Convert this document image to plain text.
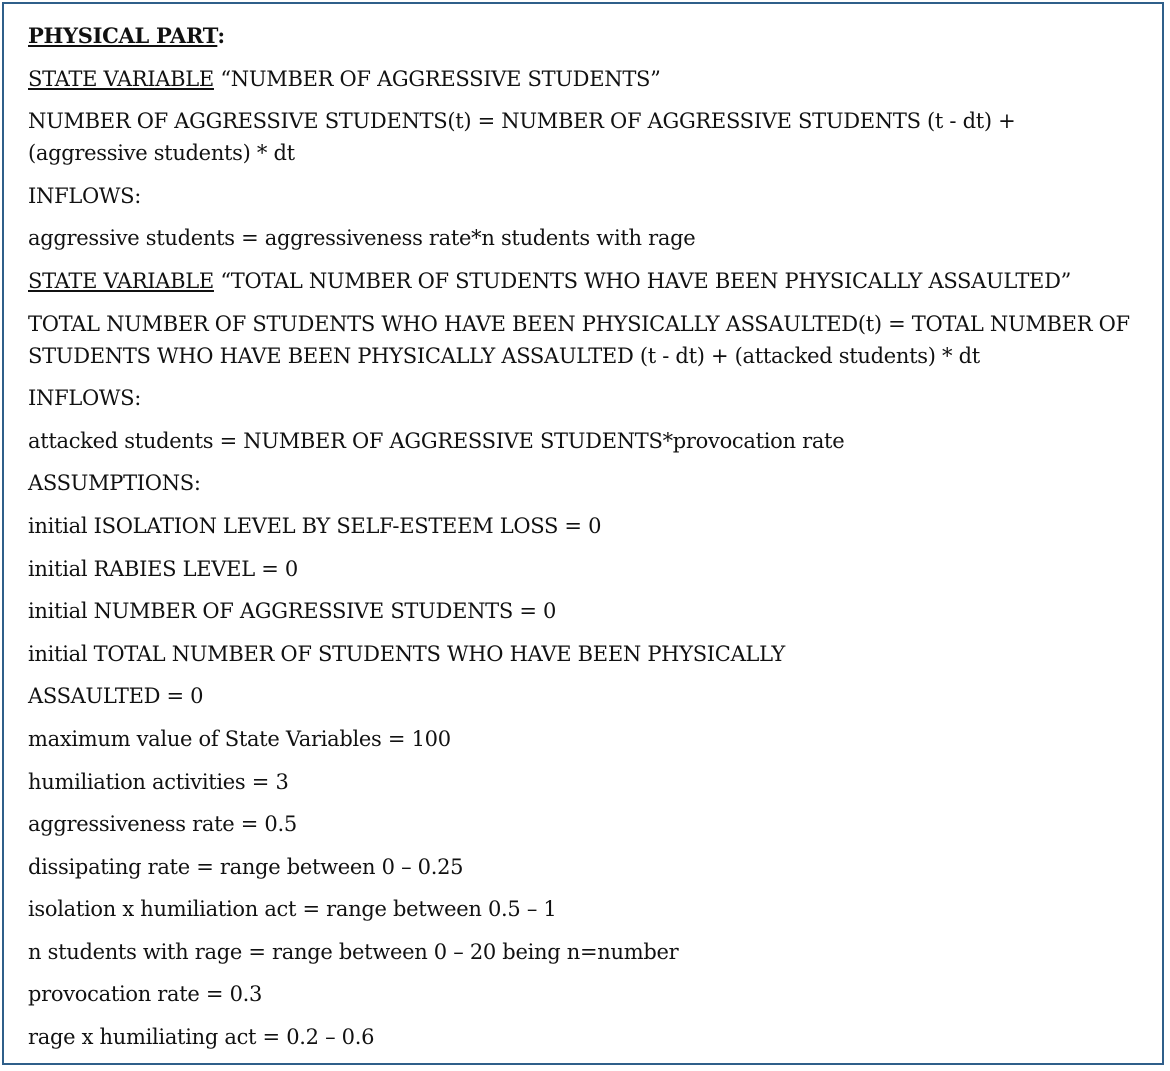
PHYSICAL PART:
STATE VARIABLE “NUMBER OF AGGRESSIVE STUDENTS”
NUMBER OF AGGRESSIVE STUDENTS(t) = NUMBER OF AGGRESSIVE STUDENTS (t - dt) + (aggressive students) * dt
INFLOWS:
aggressive students = aggressiveness rate*n students with rage
STATE VARIABLE “TOTAL NUMBER OF STUDENTS WHO HAVE BEEN PHYSICALLY ASSAULTED”
TOTAL NUMBER OF STUDENTS WHO HAVE BEEN PHYSICALLY ASSAULTED(t) = TOTAL NUMBER OF STUDENTS WHO HAVE BEEN PHYSICALLY ASSAULTED (t - dt) + (attacked students) * dt
INFLOWS:
attacked students = NUMBER OF AGGRESSIVE STUDENTS*provocation rate
ASSUMPTIONS:
initial ISOLATION LEVEL BY SELF-ESTEEM LOSS = 0
initial RABIES LEVEL = 0
initial NUMBER OF AGGRESSIVE STUDENTS = 0
initial TOTAL NUMBER OF STUDENTS WHO HAVE BEEN PHYSICALLY
ASSAULTED = 0
maximum value of State Variables = 100
humiliation activities = 3
aggressiveness rate = 0.5
dissipating rate = range between 0 – 0.25
isolation x humiliation act = range between 0.5 – 1
n students with rage = range between 0 – 20 being n=number
provocation rate = 0.3
rage x humiliating act = 0.2 – 0.6
